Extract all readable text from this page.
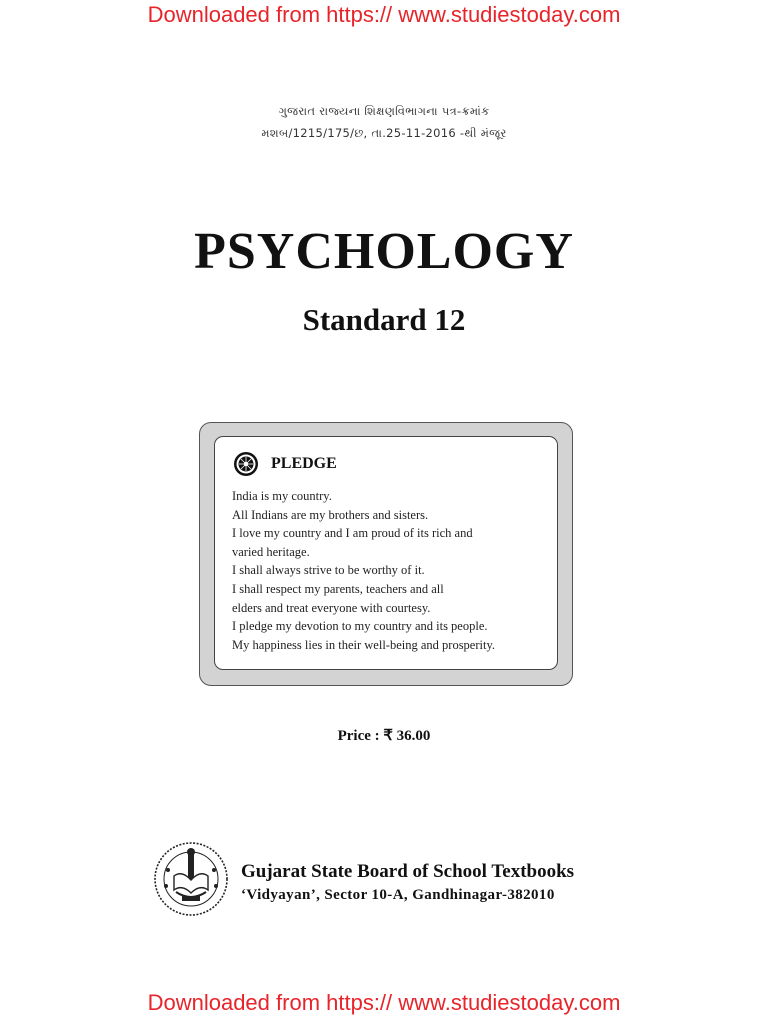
Downloaded from https:// www.studiestoday.com
ગુજરાત રાજ્યના શિક્ષણવિભાગના પત્ર-ક્રમાંક
મશબ/1215/175/છ, તા.25-11-2016 -થી મંજૂર
PSYCHOLOGY
Standard 12
PLEDGE
India is my country.
All Indians are my brothers and sisters.
I love my country and I am proud of its rich and
varied heritage.
I shall always strive to be worthy of it.
I shall respect my parents, teachers and all
elders and treat everyone with courtesy.
I pledge my devotion to my country and its people.
My happiness lies in their well-being and prosperity.
Price : ₹ 36.00
Gujarat State Board of School Textbooks
‘Vidyayan’, Sector 10-A, Gandhinagar-382010
Downloaded from https:// www.studiestoday.com
